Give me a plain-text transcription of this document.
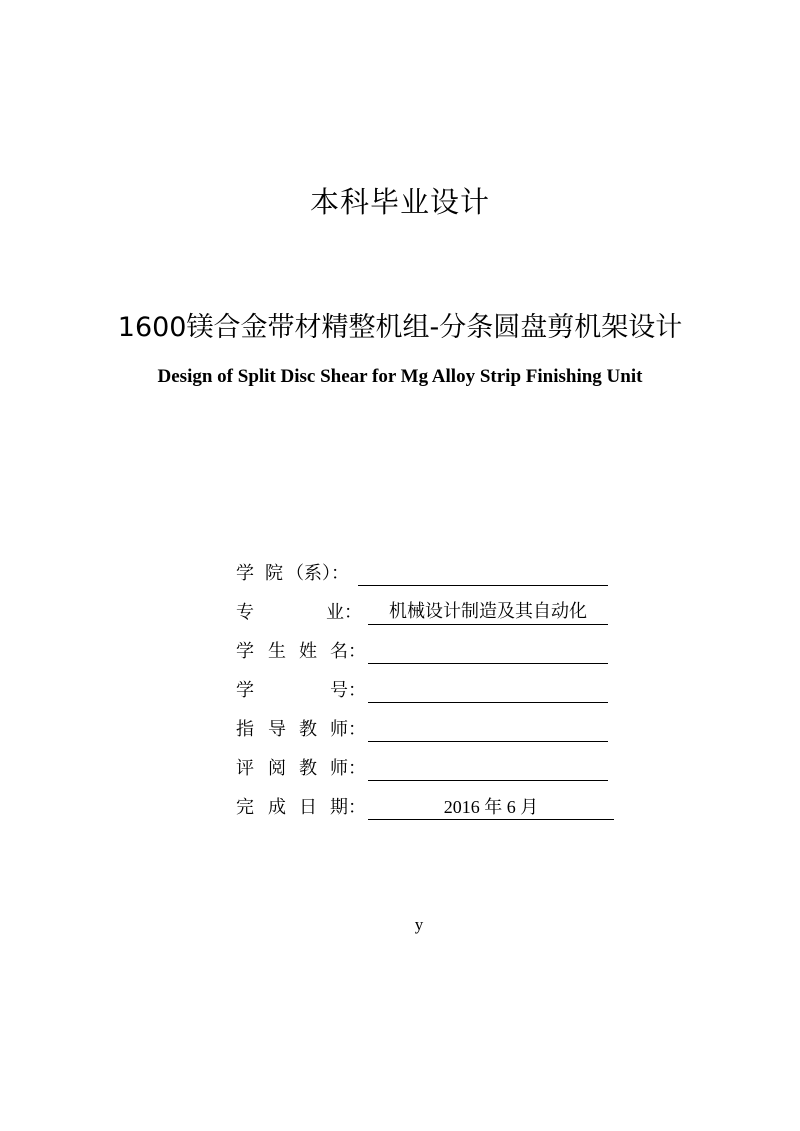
本科毕业设计
1600镁合金带材精整机组-分条圆盘剪机架设计
Design of Split Disc Shear for Mg Alloy Strip Finishing Unit
学 院 （系）：
专	业：	机械设计制造及其自动化
学 生 姓 名：
学	号：
指 导 教 师：
评 阅 教 师：
完 成 日 期：	2016 年 6 月
y
